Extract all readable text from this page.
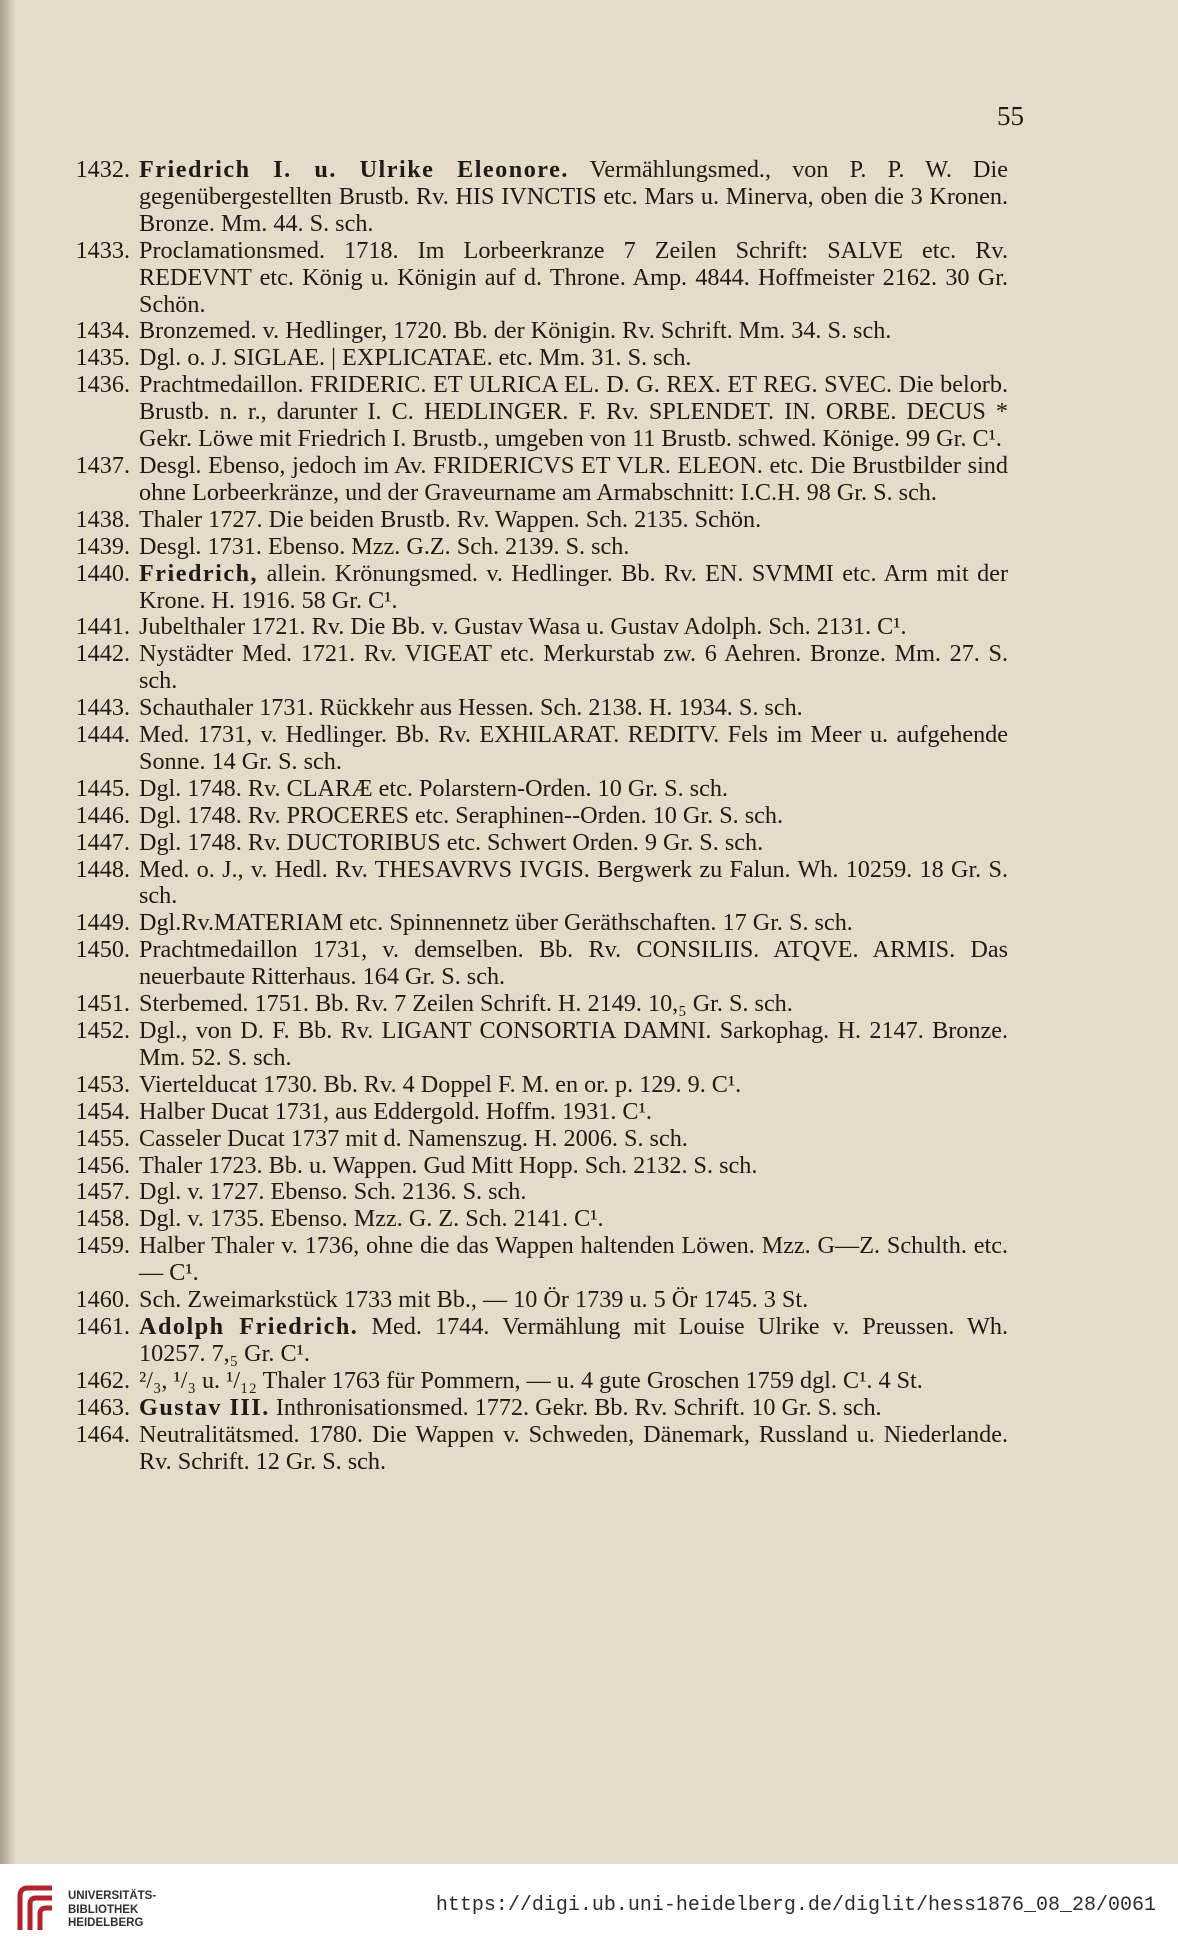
55
1432. Friedrich I. u. Ulrike Eleonore. Vermählungsmed., von P. P. W. Die gegenübergestellten Brustb. Rv. HIS IVNCTIS etc. Mars u. Minerva, oben die 3 Kronen. Bronze. Mm. 44. S. sch.
1433. Proclamationsmed. 1718. Im Lorbeerkranze 7 Zeilen Schrift: SALVE etc. Rv. REDEVNT etc. König u. Königin auf d. Throne. Amp. 4844. Hoffmeister 2162. 30 Gr. Schön.
1434. Bronzemed. v. Hedlinger, 1720. Bb. der Königin. Rv. Schrift. Mm. 34. S. sch.
1435. Dgl. o. J. SIGLAE. | EXPLICATAE. etc. Mm. 31. S. sch.
1436. Prachtmedaillon. FRIDERIC. ET ULRICA EL. D. G. REX. ET REG. SVEC. Die belorb. Brustb. n. r., darunter I. C. HEDLINGER. F. Rv. SPLENDET. IN. ORBE. DECUS * Gekr. Löwe mit Friedrich I. Brustb., umgeben von 11 Brustb. schwed. Könige. 99 Gr. C¹.
1437. Desgl. Ebenso, jedoch im Av. FRIDERICVS ET VLR. ELEON. etc. Die Brustbilder sind ohne Lorbeerkränze, und der Graveurname am Armabschnitt: I.C.H. 98 Gr. S. sch.
1438. Thaler 1727. Die beiden Brustb. Rv. Wappen. Sch. 2135. Schön.
1439. Desgl. 1731. Ebenso. Mzz. G.Z. Sch. 2139. S. sch.
1440. Friedrich, allein. Krönungsmed. v. Hedlinger. Bb. Rv. EN. SVMMI etc. Arm mit der Krone. H. 1916. 58 Gr. C¹.
1441. Jubelthaler 1721. Rv. Die Bb. v. Gustav Wasa u. Gustav Adolph. Sch. 2131. C¹.
1442. Nystädter Med. 1721. Rv. VIGEAT etc. Merkurstab zw. 6 Aehren. Bronze. Mm. 27. S. sch.
1443. Schauthaler 1731. Rückkehr aus Hessen. Sch. 2138. H. 1934. S. sch.
1444. Med. 1731, v. Hedlinger. Bb. Rv. EXHILARAT. REDITV. Fels im Meer u. aufgehende Sonne. 14 Gr. S. sch.
1445. Dgl. 1748. Rv. CLARÆ etc. Polarstern-Orden. 10 Gr. S. sch.
1446. Dgl. 1748. Rv. PROCERES etc. Seraphinen--Orden. 10 Gr. S. sch.
1447. Dgl. 1748. Rv. DUCTORIBUS etc. Schwert Orden. 9 Gr. S. sch.
1448. Med. o. J., v. Hedl. Rv. THESAVRVS IVGIS. Bergwerk zu Falun. Wh. 10259. 18 Gr. S. sch.
1449. Dgl.Rv.MATERIAM etc. Spinnennetz über Geräthschaften. 17 Gr. S. sch.
1450. Prachtmedaillon 1731, v. demselben. Bb. Rv. CONSILIIS. ATQVE. ARMIS. Das neuerbaute Ritterhaus. 164 Gr. S. sch.
1451. Sterbemed. 1751. Bb. Rv. 7 Zeilen Schrift. H. 2149. 10,₅ Gr. S. sch.
1452. Dgl., von D. F. Bb. Rv. LIGANT CONSORTIA DAMNI. Sarkophag. H. 2147. Bronze. Mm. 52. S. sch.
1453. Viertelducat 1730. Bb. Rv. 4 Doppel F. M. en or. p. 129. 9. C¹.
1454. Halber Ducat 1731, aus Eddergold. Hoffm. 1931. C¹.
1455. Casseler Ducat 1737 mit d. Namenszug. H. 2006. S. sch.
1456. Thaler 1723. Bb. u. Wappen. Gud Mitt Hopp. Sch. 2132. S. sch.
1457. Dgl. v. 1727. Ebenso. Sch. 2136. S. sch.
1458. Dgl. v. 1735. Ebenso. Mzz. G. Z. Sch. 2141. C¹.
1459. Halber Thaler v. 1736, ohne die das Wappen haltenden Löwen. Mzz. G—Z. Schulth. etc. — C¹.
1460. Sch. Zweimarkstück 1733 mit Bb., — 10 Ör 1739 u. 5 Ör 1745. 3 St.
1461. Adolph Friedrich. Med. 1744. Vermählung mit Louise Ulrike v. Preussen. Wh. 10257. 7,₅ Gr. C¹.
1462. ²/₃, ¹/₃ u. ¹/₁₂ Thaler 1763 für Pommern, — u. 4 gute Groschen 1759 dgl. C¹. 4 St.
1463. Gustav III. Inthronisationsmed. 1772. Gekr. Bb. Rv. Schrift. 10 Gr. S. sch.
1464. Neutralitätsmed. 1780. Die Wappen v. Schweden, Dänemark, Russland u. Niederlande. Rv. Schrift. 12 Gr. S. sch.
UNIVERSITÄTS-
BIBLIOTHEK
HEIDELBERG
https://digi.ub.uni-heidelberg.de/diglit/hess1876_08_28/0061
